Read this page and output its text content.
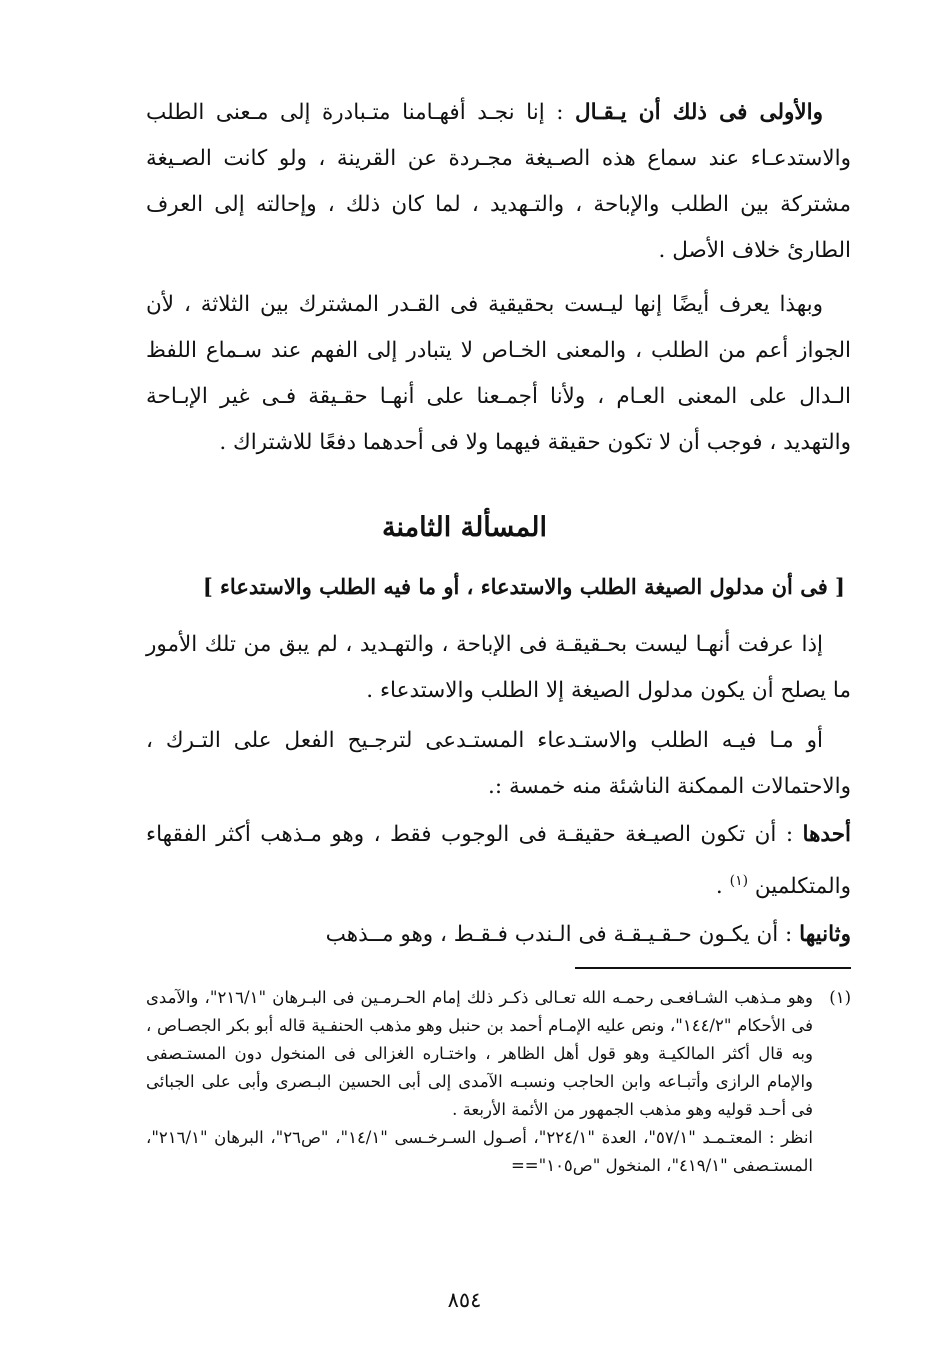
والأولى فى ذلك أن يـقـال : إنا نجـد أفهـامنا متـبادرة إلى مـعنى الطلب والاستدعـاء عند سماع هذه الصـيغة مجـردة عن القرينة ، ولو كانت الصـيغة مشتركة بين الطلب والإباحة ، والتـهديد ، لما كان ذلك ، وإحالته إلى العرف الطارئ خلاف الأصل .

وبهذا يعرف أيضًا إنها ليـست بحقيقية فى القـدر المشترك بين الثلاثة ، لأن الجواز أعم من الطلب ، والمعنى الخـاص لا يتبادر إلى الفهم عند سـماع اللفظ الـدال على المعنى العـام ، ولأنا أجمـعنا على أنهـا حقـيقة فـى غير الإبـاحة والتهديد ، فوجب أن لا تكون حقيقة فيهما ولا فى أحدهما دفعًا للاشتراك .

المسألة الثامنة

[ فى أن مدلول الصيغة الطلب والاستدعاء ، أو ما فيه الطلب والاستدعاء ]

إذا عرفت أنهـا ليست بحـقيقـة فى الإباحة ، والتهـديد ، لم يبق من تلك الأمور ما يصلح أن يكون مدلول الصيغة إلا الطلب والاستدعاء .

أو مـا فيـه الطلب والاستـدعاء المستـدعى لترجـيح الفعل على التـرك ، والاحتمالات الممكنة الناشئة منه خمسة :.

أحدها : أن تكون الصيـغة حقيقـة فى الوجوب فقط ، وهو مـذهب أكثر الفقهاء والمتكلمين $^{(١)}$ .

وثانيها : أن يكـون حـقـيـقـة فى الـندب فـقـط ، وهو مــذهب

(١)

وهو مـذهب الشـافعـى رحمـه الله تعـالى ذكـر ذلك إمام الحـرمـين فى البـرهان "٢١٦/١"، والآمدى فى الأحكام "١٤٤/٢"، ونص عليه الإمـام أحمد بن حنبل وهو مذهب الحنفـية قاله أبو بكر الجصـاص ، وبه قال أكثر المالكيـة وهو قول أهل الظاهر ، واختـاره الغزالى فى المنخول دون المستـصفى والإمام الرازى وأتبـاعه وابن الحاجب ونسبـه الآمدى إلى أبى الحسين البـصرى وأبى على الجبائى فى أحـد قوليه وهو مذهب الجمهور من الأئمة الأربعة .

انظر : المعتـمـد "٥٧/١"، العدة "٢٢٤/١"، أصـول السـرخـسى "١٤/١"، "ص٢٦"، البرهان "٢١٦/١"، المستـصفى "٤١٩/١"، المنخول "ص١٠٥"==

٨٥٤
